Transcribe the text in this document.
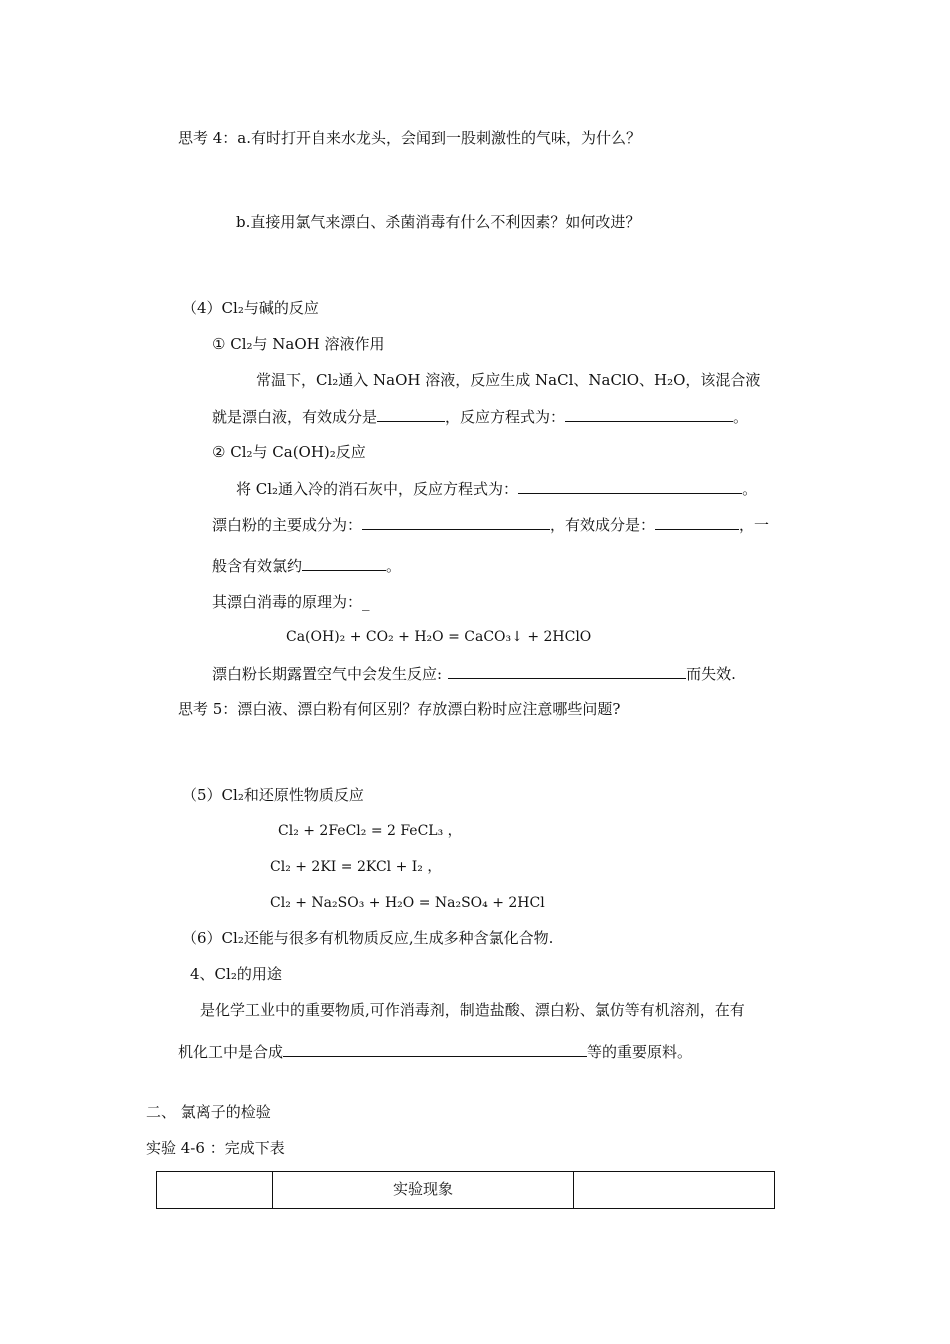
思考 4：a.有时打开自来水龙头，会闻到一股刺激性的气味，为什么？
b.直接用氯气来漂白、杀菌消毒有什么不利因素？如何改进？
（4）Cl₂与碱的反应
① Cl₂与 NaOH 溶液作用
常温下，Cl₂通入 NaOH 溶液，反应生成 NaCl、NaClO、H₂O，该混合液
就是漂白液，有效成分是	，反应方程式为：	。
② Cl₂与 Ca(OH)₂反应
将 Cl₂通入冷的消石灰中，反应方程式为：	。
漂白粉的主要成分为：	，有效成分是：	，一
般含有效氯约	。
其漂白消毒的原理为：_
Ca(OH)₂ + CO₂ + H₂O = CaCO₃↓ + 2HClO
漂白粉长期露置空气中会发生反应:	而失效.
思考 5：漂白液、漂白粉有何区别？存放漂白粉时应注意哪些问题?
（5）Cl₂和还原性物质反应
Cl₂ + 2FeCl₂ = 2 FeCL₃ ，
Cl₂ + 2KI = 2KCl + I₂ ，
Cl₂ + Na₂SO₃ + H₂O = Na₂SO₄ + 2HCl
（6）Cl₂还能与很多有机物质反应,生成多种含氯化合物.
4、Cl₂的用途
是化学工业中的重要物质,可作消毒剂，制造盐酸、漂白粉、氯仿等有机溶剂，在有
机化工中是合成	等的重要原料。
二、 氯离子的检验
实验 4-6 ：完成下表
	实验现象	
